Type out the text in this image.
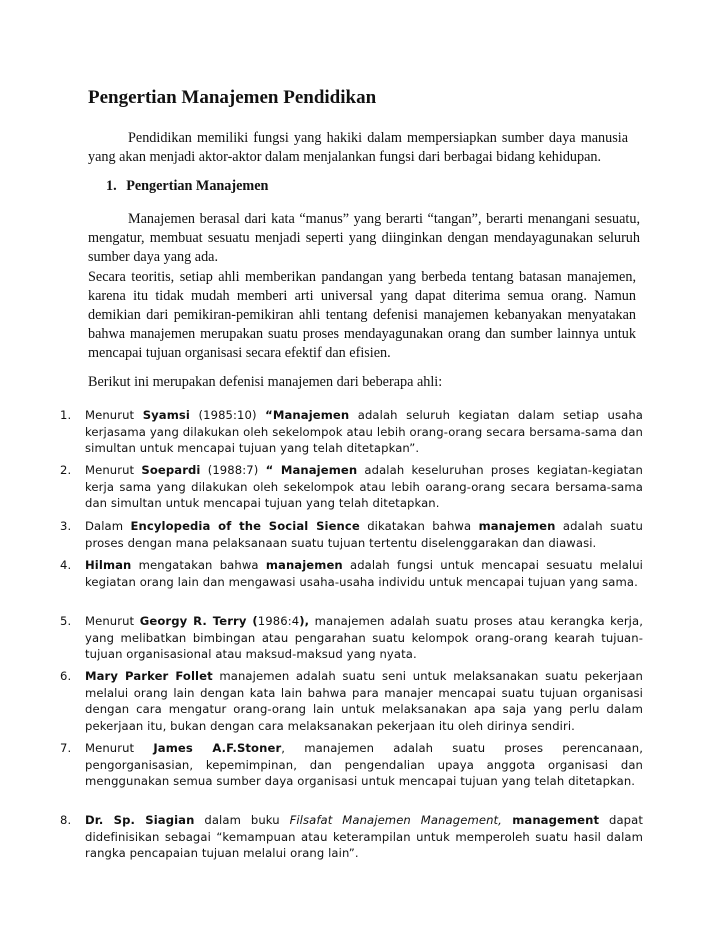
Pengertian Manajemen Pendidikan
Pendidikan memiliki fungsi yang hakiki dalam mempersiapkan sumber daya manusia yang akan menjadi aktor-aktor dalam menjalankan fungsi dari berbagai bidang kehidupan.
1. Pengertian Manajemen
Manajemen berasal dari kata “manus” yang berarti “tangan”, berarti menangani sesuatu, mengatur, membuat sesuatu menjadi seperti yang diinginkan dengan mendayagunakan seluruh sumber daya yang ada.
Secara teoritis, setiap ahli memberikan pandangan yang berbeda tentang batasan manajemen, karena itu tidak mudah memberi arti universal yang dapat diterima semua orang. Namun demikian dari pemikiran-pemikiran ahli tentang defenisi manajemen kebanyakan menyatakan bahwa manajemen merupakan suatu proses mendayagunakan orang dan sumber lainnya untuk mencapai tujuan organisasi secara efektif dan efisien.
Berikut ini merupakan defenisi manajemen dari beberapa ahli:
1. Menurut Syamsi (1985:10) “Manajemen adalah seluruh kegiatan dalam setiap usaha kerjasama yang dilakukan oleh sekelompok atau lebih orang-orang secara bersama-sama dan simultan untuk mencapai tujuan yang telah ditetapkan”.
2. Menurut Soepardi (1988:7) “ Manajemen adalah keseluruhan proses kegiatan-kegiatan kerja sama yang dilakukan oleh sekelompok atau lebih oarang-orang secara bersama-sama dan simultan untuk mencapai tujuan yang telah ditetapkan.
3. Dalam Encylopedia of the Social Sience dikatakan bahwa manajemen adalah suatu proses dengan mana pelaksanaan suatu tujuan tertentu diselenggarakan dan diawasi.
4. Hilman mengatakan bahwa manajemen adalah fungsi untuk mencapai sesuatu melalui kegiatan orang lain dan mengawasi usaha-usaha individu untuk mencapai tujuan yang sama.
5. Menurut Georgy R. Terry (1986:4), manajemen adalah suatu proses atau kerangka kerja, yang melibatkan bimbingan atau pengarahan suatu kelompok orang-orang kearah tujuan-tujuan organisasional atau maksud-maksud yang nyata.
6. Mary Parker Follet manajemen adalah suatu seni untuk melaksanakan suatu pekerjaan melalui orang lain dengan kata lain bahwa para manajer mencapai suatu tujuan organisasi dengan cara mengatur orang-orang lain untuk melaksanakan apa saja yang perlu dalam pekerjaan itu, bukan dengan cara melaksanakan pekerjaan itu oleh dirinya sendiri.
7. Menurut James A.F.Stoner, manajemen adalah suatu proses perencanaan, pengorganisasian, kepemimpinan, dan pengendalian upaya anggota organisasi dan menggunakan semua sumber daya organisasi untuk mencapai tujuan yang telah ditetapkan.
8. Dr. Sp. Siagian dalam buku Filsafat Manajemen Management, management dapat didefinisikan sebagai “kemampuan atau keterampilan untuk memperoleh suatu hasil dalam rangka pencapaian tujuan melalui orang lain”.
